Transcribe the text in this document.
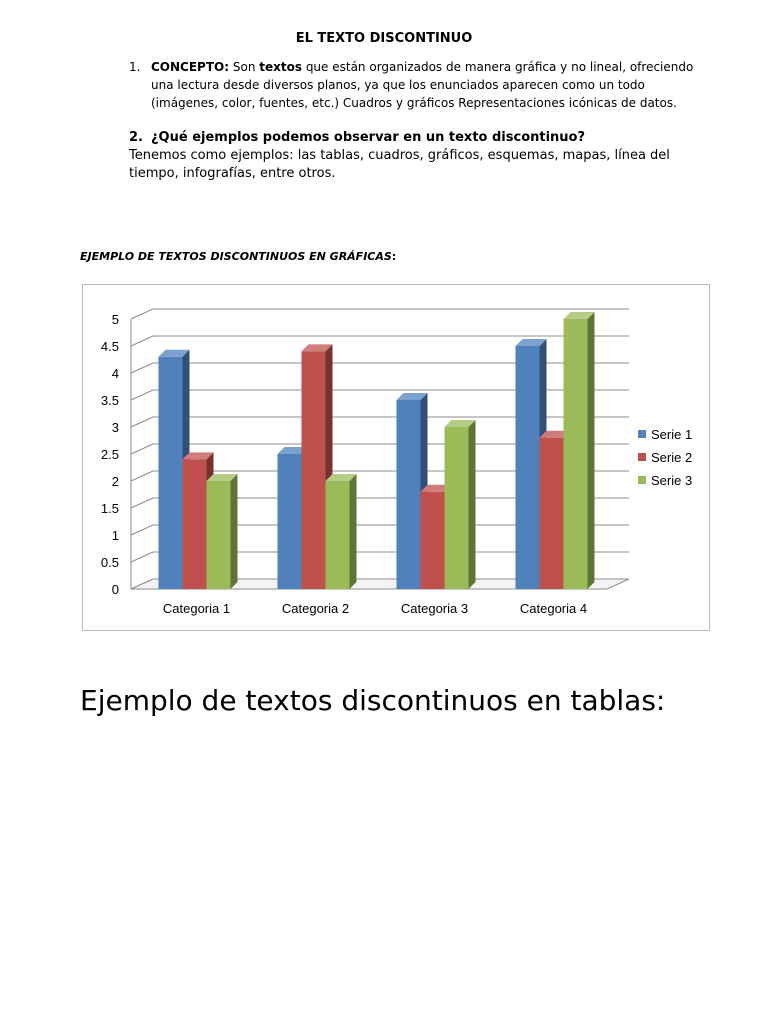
EL TEXTO DISCONTINUO
1. CONCEPTO: Son textos que están organizados de manera gráfica y no lineal, ofreciendo una lectura desde diversos planos, ya que los enunciados aparecen como un todo (imágenes, color, fuentes, etc.) Cuadros y gráficos Representaciones icónicas de datos.
2. ¿Qué ejemplos podemos observar en un texto discontinuo?
Tenemos como ejemplos: las tablas, cuadros, gráficos, esquemas, mapas, línea del tiempo, infografías, entre otros.
EJEMPLO DE TEXTOS DISCONTINUOS EN GRÁFICAS:
0
0.5
1
1.5
2
2.5
3
3.5
4
4.5
5
Categoria 1	Categoria 2	Categoria 3	Categoria 4
Serie 1
Serie 2
Serie 3
Ejemplo de textos discontinuos en tablas:
